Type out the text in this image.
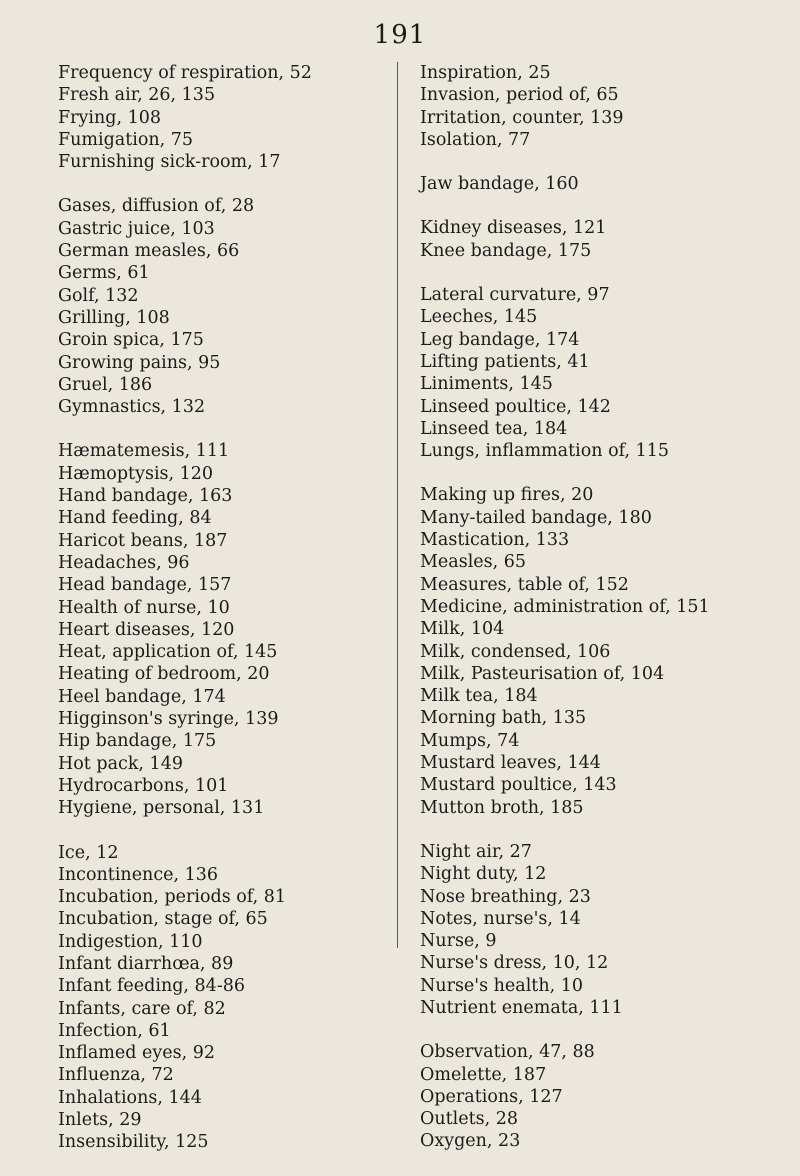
191
Frequency of respiration, 52
Fresh air, 26, 135
Frying, 108
Fumigation, 75
Furnishing sick-room, 17
Gases, diffusion of, 28
Gastric juice, 103
German measles, 66
Germs, 61
Golf, 132
Grilling, 108
Groin spica, 175
Growing pains, 95
Gruel, 186
Gymnastics, 132
Hæmatemesis, 111
Hæmoptysis, 120
Hand bandage, 163
Hand feeding, 84
Haricot beans, 187
Headaches, 96
Head bandage, 157
Health of nurse, 10
Heart diseases, 120
Heat, application of, 145
Heating of bedroom, 20
Heel bandage, 174
Higginson's syringe, 139
Hip bandage, 175
Hot pack, 149
Hydrocarbons, 101
Hygiene, personal, 131
Ice, 12
Incontinence, 136
Incubation, periods of, 81
Incubation, stage of, 65
Indigestion, 110
Infant diarrhœa, 89
Infant feeding, 84-86
Infants, care of, 82
Infection, 61
Inflamed eyes, 92
Influenza, 72
Inhalations, 144
Inlets, 29
Insensibility, 125
Inspiration, 25
Invasion, period of, 65
Irritation, counter, 139
Isolation, 77
Jaw bandage, 160
Kidney diseases, 121
Knee bandage, 175
Lateral curvature, 97
Leeches, 145
Leg bandage, 174
Lifting patients, 41
Liniments, 145
Linseed poultice, 142
Linseed tea, 184
Lungs, inflammation of, 115
Making up fires, 20
Many-tailed bandage, 180
Mastication, 133
Measles, 65
Measures, table of, 152
Medicine, administration of, 151
Milk, 104
Milk, condensed, 106
Milk, Pasteurisation of, 104
Milk tea, 184
Morning bath, 135
Mumps, 74
Mustard leaves, 144
Mustard poultice, 143
Mutton broth, 185
Night air, 27
Night duty, 12
Nose breathing, 23
Notes, nurse's, 14
Nurse, 9
Nurse's dress, 10, 12
Nurse's health, 10
Nutrient enemata, 111
Observation, 47, 88
Omelette, 187
Operations, 127
Outlets, 28
Oxygen, 23
